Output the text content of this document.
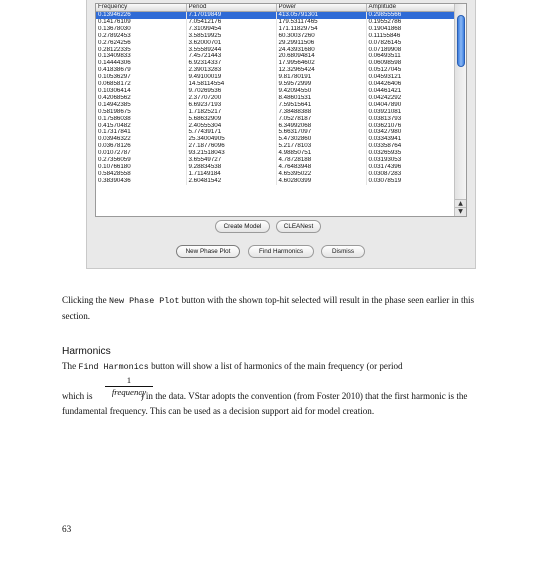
Frequency	Period	Power	Amplitude
0.13946226	7.17019849	413.05791301	0.29855566
0.14176109	7.05412176	179.53117465	0.19552786
0.13678030	7.31099454	171.11829754	0.19041868
0.27892453	3.58519925	60.30037260	0.11155846
0.27624256	3.62000701	29.29911506	0.07826145
0.28122335	3.55589244	24.43931680	0.07189908
0.13409833	7.45721443	20.68094814	0.06493511
0.14444306	6.92314337	17.99564602	0.06098598
0.41838679	2.39013283	12.32965424	0.05127045
0.10536297	9.49100019	9.81780191	0.04593121
0.06858172	14.58114554	9.59572999	0.04426406
0.10306414	9.70269536	9.42094550	0.04461421
0.42068562	2.37707200	8.48601531	0.04242292
0.14942385	6.69237193	7.59515641	0.04047890
0.58198675	1.71825217	7.38488388	0.03921081
0.17586038	5.68632909	7.05278187	0.03813793
0.41570482	2.40555304	6.34992068	0.03621076
0.17317841	5.77439171	5.66317097	0.03427980
0.03946322	25.34004905	5.47302860	0.03343941
0.03678126	27.18776096	5.21778103	0.03358764
0.01072787	93.21518043	4.98850751	0.03265935
0.27356059	3.65549727	4.78728188	0.03193053
0.10766180	9.28834538	4.76483948	0.03174396
0.58428558	1.71149184	4.65395022	0.03087283
0.38390436	2.60481542	4.60280399	0.03078519
▲
▼
Create Model	CLEANest
New Phase Plot	Find Harmonics	Dismiss
Clicking the New Phase Plot button with the shown top-hit selected will result in the phase seen earlier in this section.
Harmonics
The Find Harmonics button will show a list of harmonics of the main frequency (or period
1
frequency
which is	) in the data. VStar adopts the convention (from Foster 2010) that the first harmonic is the fundamental frequency. This can be used as a decision support aid for model creation.
63
